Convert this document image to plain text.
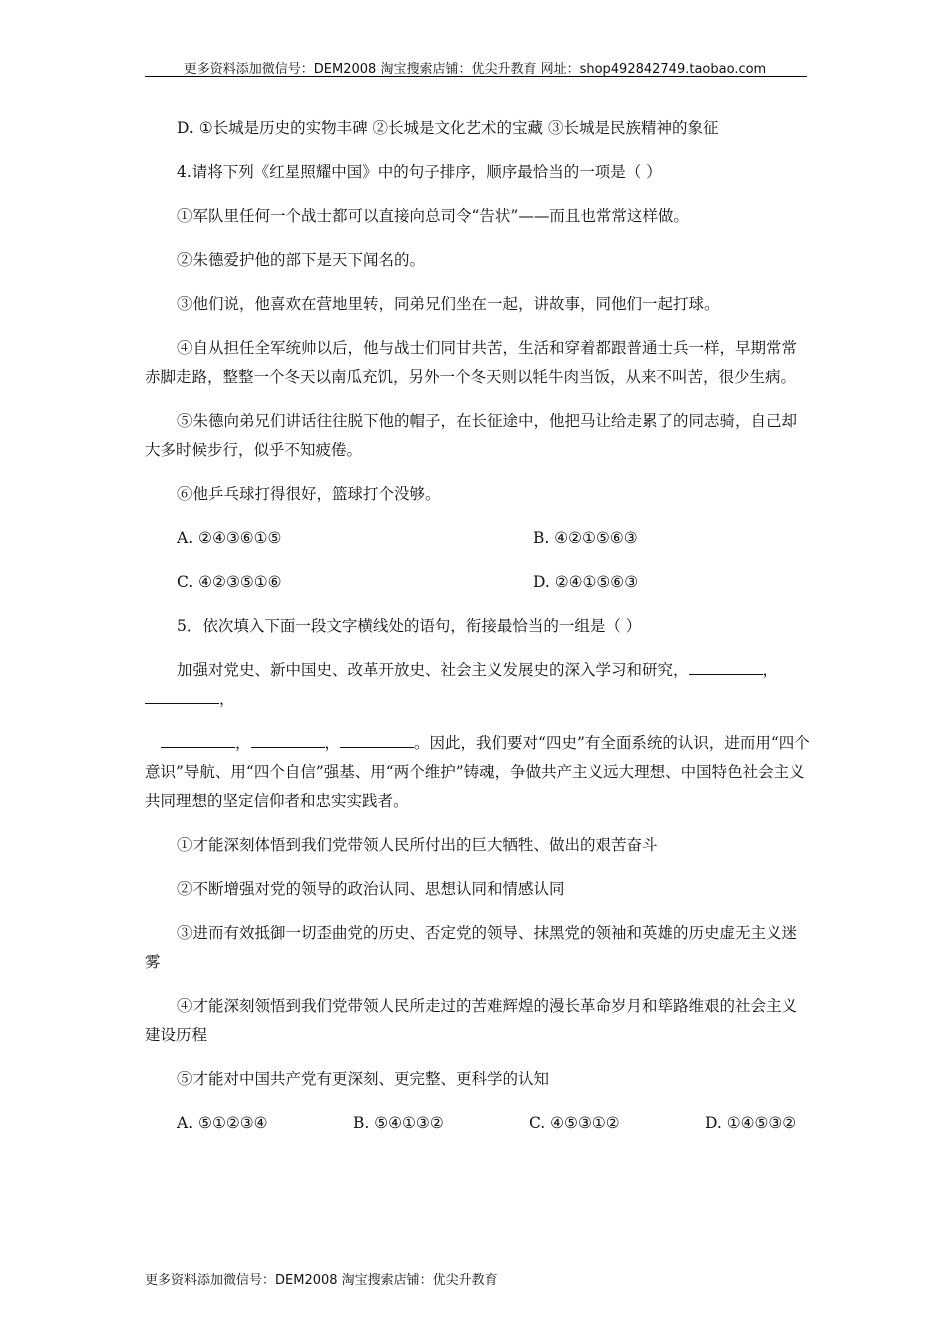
更多资料添加微信号：DEM2008 淘宝搜索店铺：优尖升教育 网址：shop492842749.taobao.com

D. ①长城是历史的实物丰碑 ②长城是文化艺术的宝藏 ③长城是民族精神的象征

4.请将下列《红星照耀中国》中的句子排序，顺序最恰当的一项是（ ）

①军队里任何一个战士都可以直接向总司令“告状”——而且也常常这样做。

②朱德爱护他的部下是天下闻名的。

③他们说，他喜欢在营地里转，同弟兄们坐在一起，讲故事，同他们一起打球。

④自从担任全军统帅以后，他与战士们同甘共苦，生活和穿着都跟普通士兵一样，早期常常赤脚走路，整整一个冬天以南瓜充饥，另外一个冬天则以牦牛肉当饭，从来不叫苦，很少生病。

⑤朱德向弟兄们讲话往往脱下他的帽子，在长征途中，他把马让给走累了的同志骑，自己却大多时候步行，似乎不知疲倦。

⑥他乒乓球打得很好，篮球打个没够。

A. ②④③⑥①⑤	B. ④②①⑤⑥③
C. ④②③⑤①⑥	D. ②④①⑤⑥③

5．依次填入下面一段文字横线处的语句，衔接最恰当的一组是（ ）

加强对党史、新中国史、改革开放史、社会主义发展史的深入学习和研究，	，，

，	，	。因此，我们要对“四史”有全面系统的认识，进而用“四个意识”导航、用“四个自信”强基、用“两个维护”铸魂，争做共产主义远大理想、中国特色社会主义共同理想的坚定信仰者和忠实实践者。

①才能深刻体悟到我们党带领人民所付出的巨大牺牲、做出的艰苦奋斗

②不断增强对党的领导的政治认同、思想认同和情感认同

③进而有效抵御一切歪曲党的历史、否定党的领导、抹黑党的领袖和英雄的历史虚无主义迷雾

④才能深刻领悟到我们党带领人民所走过的苦难辉煌的漫长革命岁月和筚路维艰的社会主义建设历程

⑤才能对中国共产党有更深刻、更完整、更科学的认知

A. ⑤①②③④	B. ⑤④①③②	C. ④⑤③①②	D. ①④⑤③②
更多资料添加微信号：DEM2008 淘宝搜索店铺：优尖升教育
